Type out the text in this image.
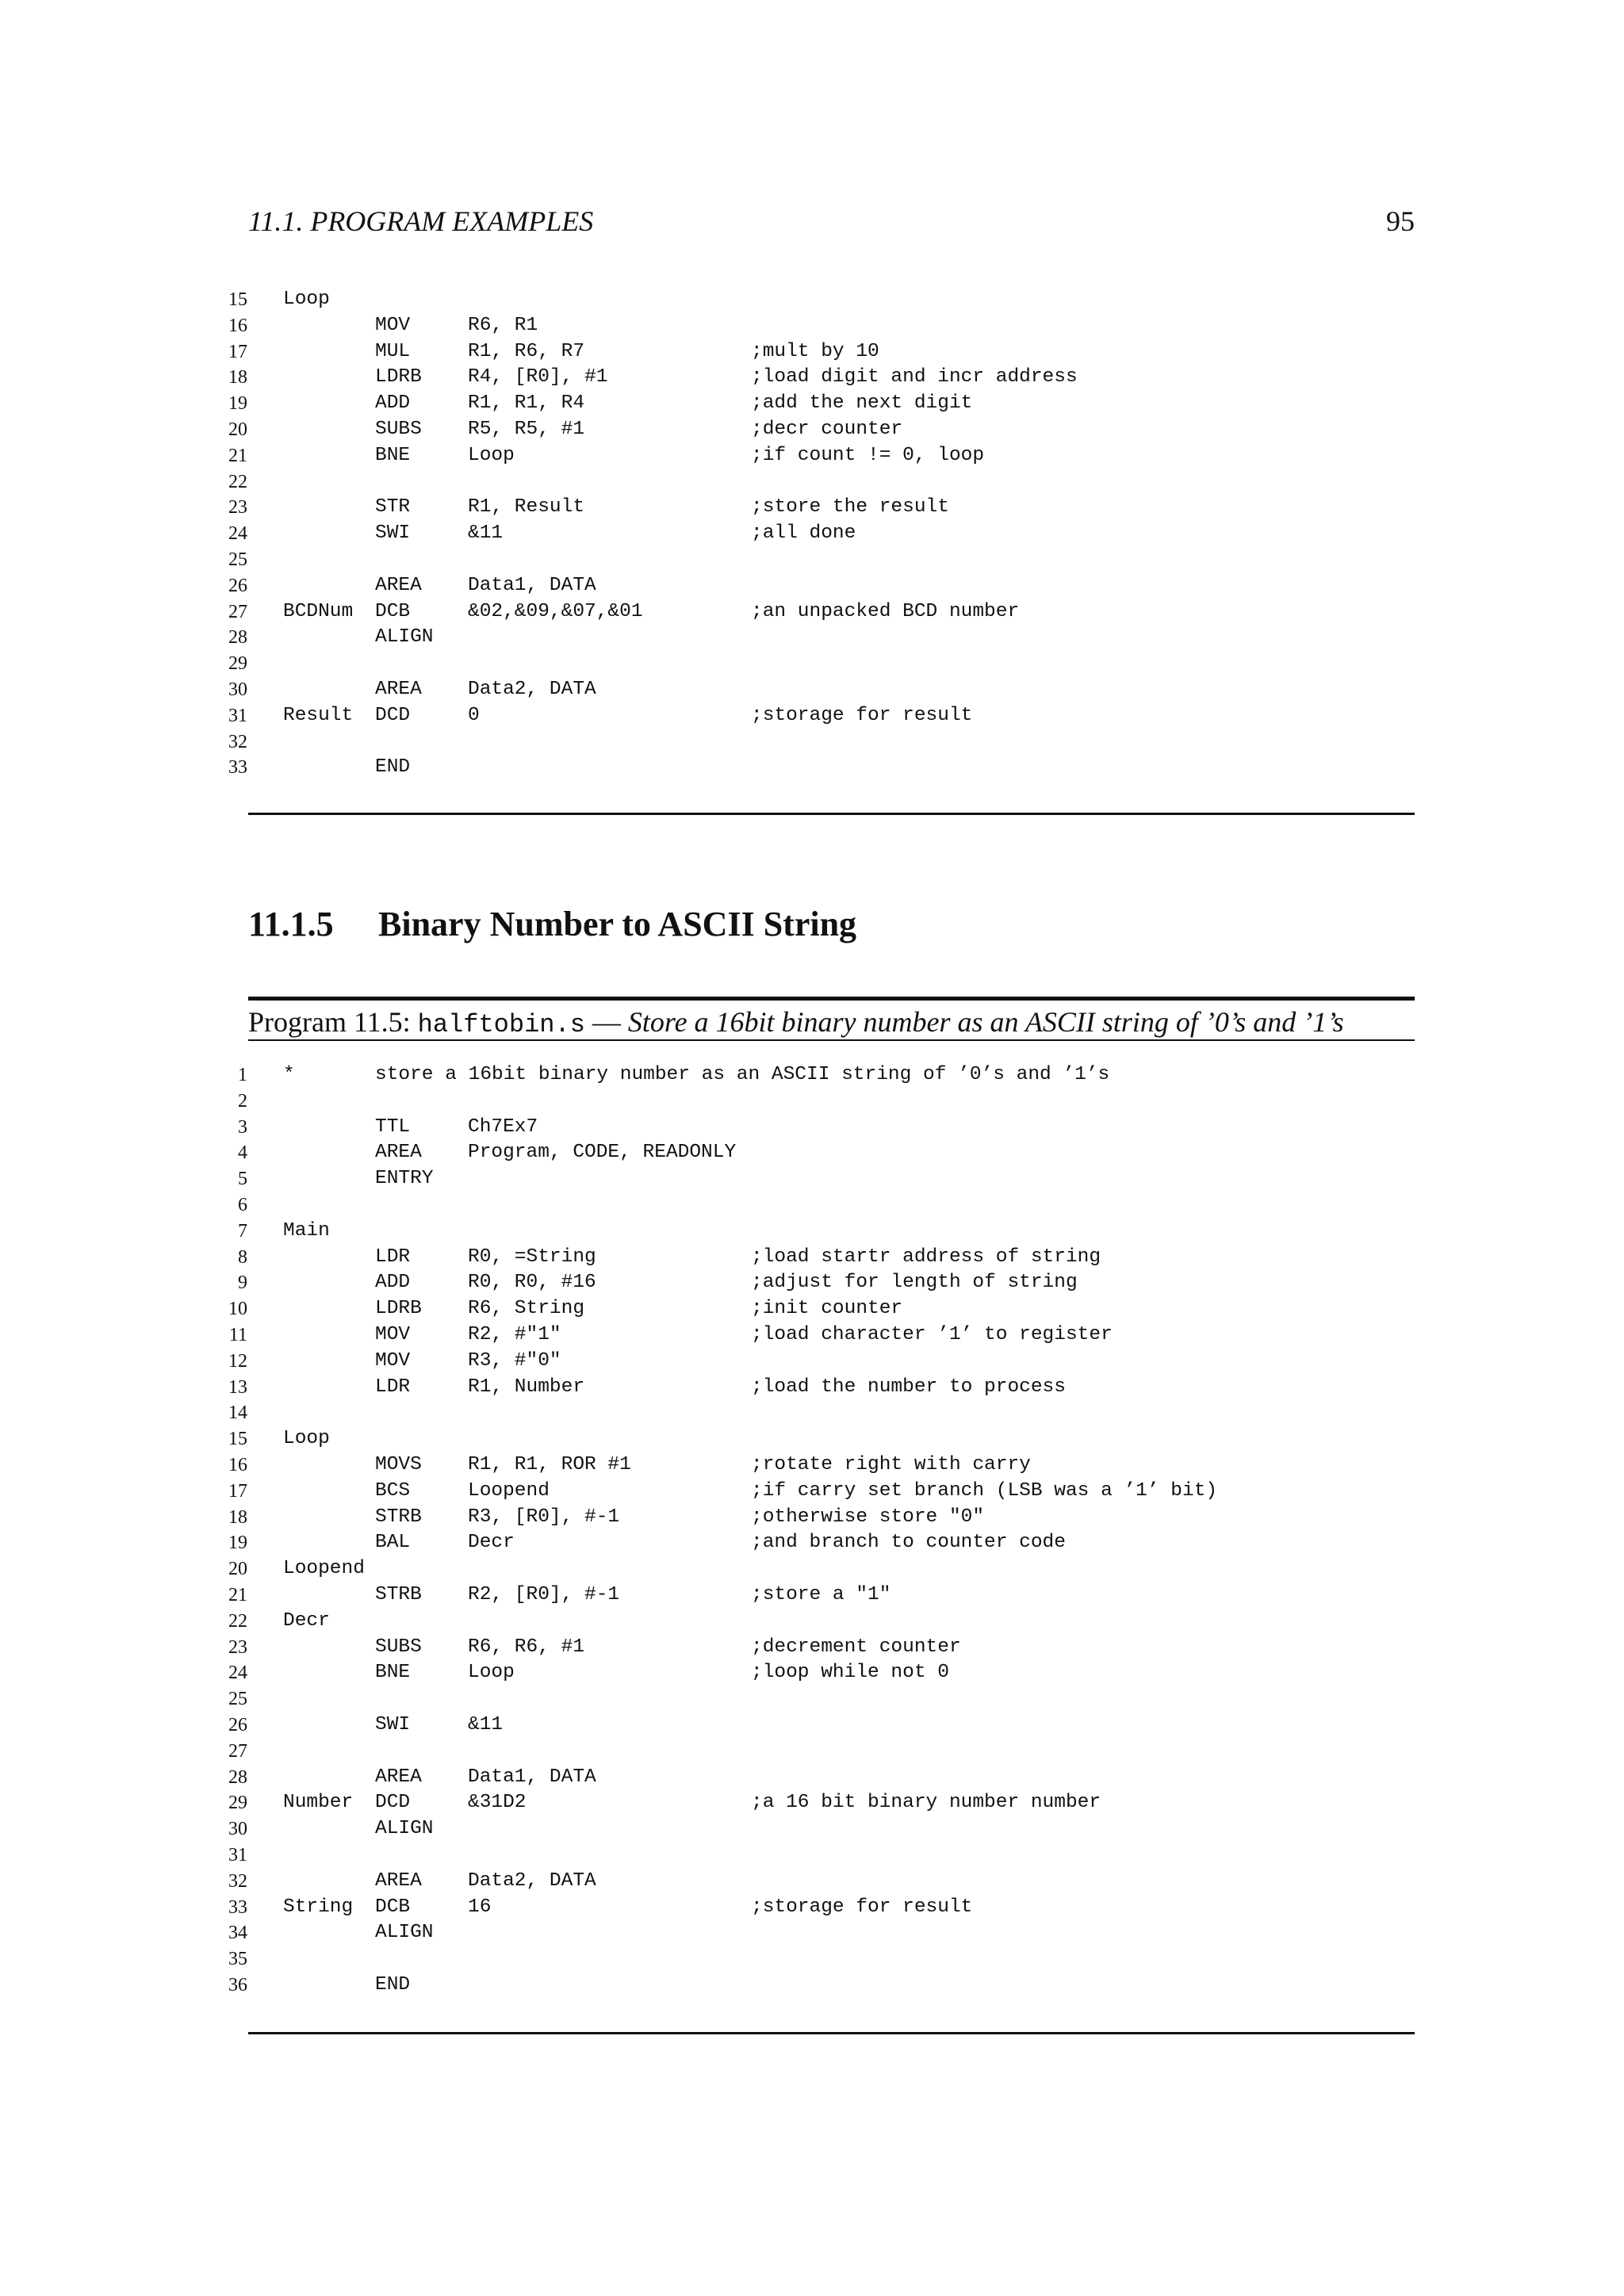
11.1. PROGRAM EXAMPLES	95
15 Loop
16	MOV	R6, R1
17	MUL	R1, R6, R7	;mult by 10
18	LDRB R4, [R0], #1	;load digit and incr address
19	ADD	R1, R1, R4	;add the next digit
20	SUBS R5, R5, #1	;decr counter
21	BNE	Loop	;if count != 0, loop
22
23	STR	R1, Result	;store the result
24	SWI	&11	;all done
25
26	AREA Data1, DATA
27 BCDNum DCB	&02,&09,&07,&01	;an unpacked BCD number
28	ALIGN
29
30	AREA Data2, DATA
31 Result DCD	0	;storage for result
32
33	END
11.1.5 Binary Number to ASCII String
Program 11.5: halftobin.s — Store a 16bit binary number as an ASCII string of ’0’s and ’1’s
1 *	store a 16bit binary number as an ASCII string of ’0’s and ’1’s
2
3	TTL	Ch7Ex7
4	AREA Program, CODE, READONLY
5	ENTRY
6
7 Main
8	LDR	R0, =String	;load startr address of string
9	ADD	R0, R0, #16	;adjust for length of string
10	LDRB R6, String	;init counter
11	MOV	R2, #"1"	;load character ’1’ to register
12	MOV	R3, #"0"
13	LDR	R1, Number	;load the number to process
14
15 Loop
16	MOVS R1, R1, ROR #1	;rotate right with carry
17	BCS	Loopend	;if carry set branch (LSB was a ’1’ bit)
18	STRB R3, [R0], #-1	;otherwise store "0"
19	BAL	Decr	;and branch to counter code
20 Loopend
21	STRB R2, [R0], #-1	;store a "1"
22 Decr
23	SUBS R6, R6, #1	;decrement counter
24	BNE	Loop	;loop while not 0
25
26	SWI	&11
27
28	AREA Data1, DATA
29 Number DCD	&31D2	;a 16 bit binary number number
30	ALIGN
31
32	AREA Data2, DATA
33 String DCB	16	;storage for result
34	ALIGN
35
36	END
